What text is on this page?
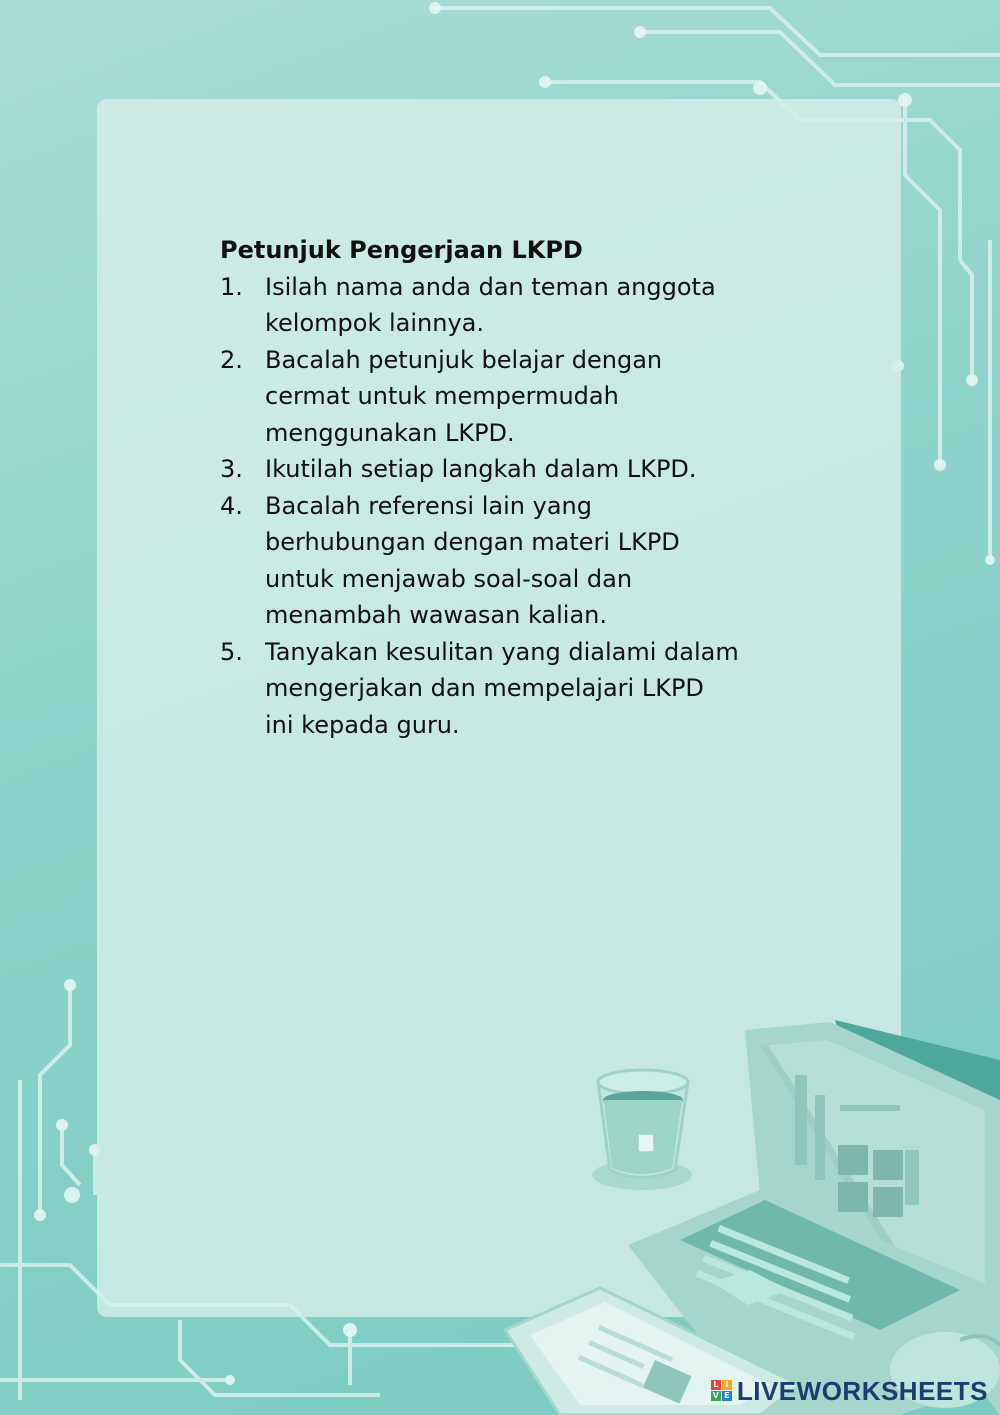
Petunjuk Pengerjaan LKPD

1. Isilah nama anda dan teman anggota kelompok lainnya.
2. Bacalah petunjuk belajar dengan cermat untuk mempermudah menggunakan LKPD.
3. Ikutilah setiap langkah dalam LKPD.
4. Bacalah referensi lain yang berhubungan dengan materi LKPD untuk menjawab soal-soal dan menambah wawasan kalian.
5. Tanyakan kesulitan yang dialami dalam mengerjakan dan mempelajari LKPD ini kepada guru.
L I
V E LIVEWORKSHEETS
